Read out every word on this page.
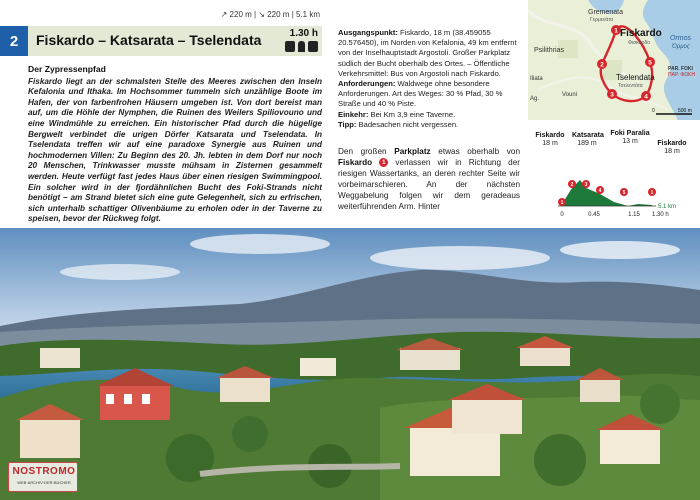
↗ 220 m | ↘ 220 m | 5.1 km
2	Fiskardo – Katsarata – Tselendata	1.30 h
Der Zypressenpfad
Fiskardo liegt an der schmalsten Stelle des Meeres zwischen den Inseln Kefalonia und Ithaka. Im Hochsommer tummeln sich unzählige Boote im Hafen, der von farbenfrohen Häusern umgeben ist. Von dort bereist man auf, um die Höhle der Nymphen, die Ruinen des Weilers Spiliovouno und eine Windmühle zu erreichen. Ein historischer Pfad durch die hügelige Bergwelt verbindet die urigen Dörfer Katsarata und Tselendata. In Tselendata treffen wir auf eine paradoxe Synergie aus Ruinen und hochmodernen Villen: Zu Beginn des 20. Jh. lebten in dem Dorf nur noch 20 Menschen, Trinkwasser musste mühsam in Zisternen gesammelt werden. Heute verfügt fast jedes Haus über einen riesigen Swimmingpool. Ein solcher wird in der fjordähnlichen Bucht des Foki-Strands nicht benötigt – am Strand bietet sich eine gute Gelegenheit, sich zu erfrischen, sich unterhalb schattiger Olivenbäume zu erholen oder in der Taverne zu speisen, bevor der Rückweg folgt.

Ausgangspunkt: Fiskardo, 18 m (38.459055 20.576450), im Norden von Kefalonia, 49 km entfernt von der Inselhauptstadt Argostoli. Großer Parkplatz südlich der Bucht oberhalb des Ortes. – Öffentliche Verkehrsmittel: Bus von Argostoli nach Fiskardo.

Anforderungen: Waldwege ohne besondere Anforderungen. Art des Weges: 30 % Pfad, 30 % Straße und 40 % Piste.

Einkehr: Bei Km 3,9 eine Taverne.

Tipp: Badesachen nicht vergessen.

Den großen Parkplatz etwas oberhalb von Fiskardo 1 verlassen wir in Richtung der riesigen Wassertanks, an deren rechter Seite wir vorbeimarschieren. An der nächsten Weggabelung folgen wir dem geradeaus weiterführenden Arm. Hinter
1
2
3	4
5
Gremenata
Γερμενάτα
Psilithrias
Fiskardo
Φισκάρδο
Tselendata
Τσελεντάτα
Ormos
Όρμος
PAR. FOKI
ΠΑΡ. ΦΩΚΗ
Iliata
Vouni
Ag.
0	500 m
Fiskardo
18 m
Katsarata
189 m
Foki Paralia
13 m	Fiskardo
18 m
1
2 3
4	5	1
0	0.45	1.15 1.30 h
5.1 km
NOSTROMO
WEB·ARCHIV·DER·BÜCHER
